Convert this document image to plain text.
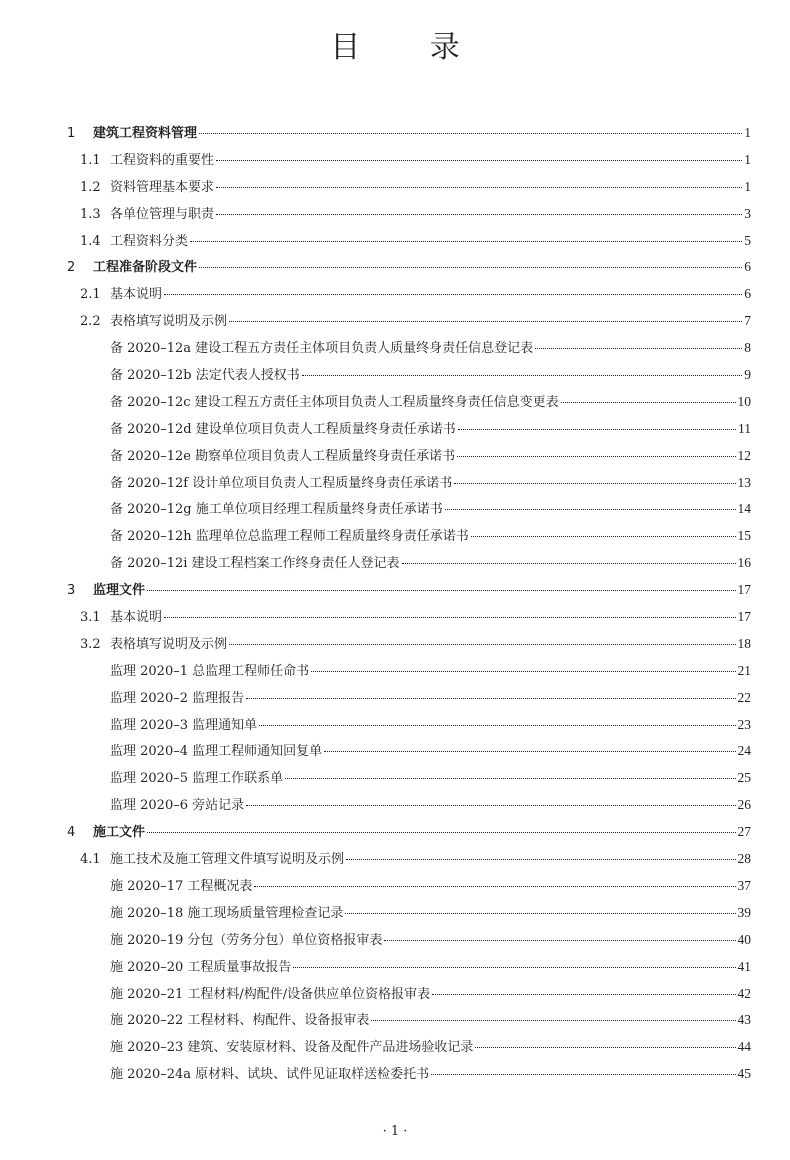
目 录
1	建筑工程资料管理	1
1.1 工程资料的重要性	1
1.2 资料管理基本要求	1
1.3 各单位管理与职责	3
1.4 工程资料分类	5
2	工程准备阶段文件	6
2.1 基本说明	6
2.2 表格填写说明及示例	7
备 2020–12a 建设工程五方责任主体项目负责人质量终身责任信息登记表	8
备 2020–12b 法定代表人授权书	9
备 2020–12c 建设工程五方责任主体项目负责人工程质量终身责任信息变更表	10
备 2020–12d 建设单位项目负责人工程质量终身责任承诺书	11
备 2020–12e 勘察单位项目负责人工程质量终身责任承诺书	12
备 2020–12f 设计单位项目负责人工程质量终身责任承诺书	13
备 2020–12g 施工单位项目经理工程质量终身责任承诺书	14
备 2020–12h 监理单位总监理工程师工程质量终身责任承诺书	15
备 2020–12i 建设工程档案工作终身责任人登记表	16
3	监理文件	17
3.1 基本说明	17
3.2 表格填写说明及示例	18
监理 2020–1 总监理工程师任命书	21
监理 2020–2 监理报告	22
监理 2020–3 监理通知单	23
监理 2020–4 监理工程师通知回复单	24
监理 2020–5 监理工作联系单	25
监理 2020–6 旁站记录	26
4	施工文件	27
4.1 施工技术及施工管理文件填写说明及示例	28
施 2020–17 工程概况表	37
施 2020–18 施工现场质量管理检查记录	39
施 2020–19 分包（劳务分包）单位资格报审表	40
施 2020–20 工程质量事故报告	41
施 2020–21 工程材料/构配件/设备供应单位资格报审表	42
施 2020–22 工程材料、构配件、设备报审表	43
施 2020–23 建筑、安装原材料、设备及配件产品进场验收记录	44
施 2020–24a 原材料、试块、试件见证取样送检委托书	45
· 1 ·
